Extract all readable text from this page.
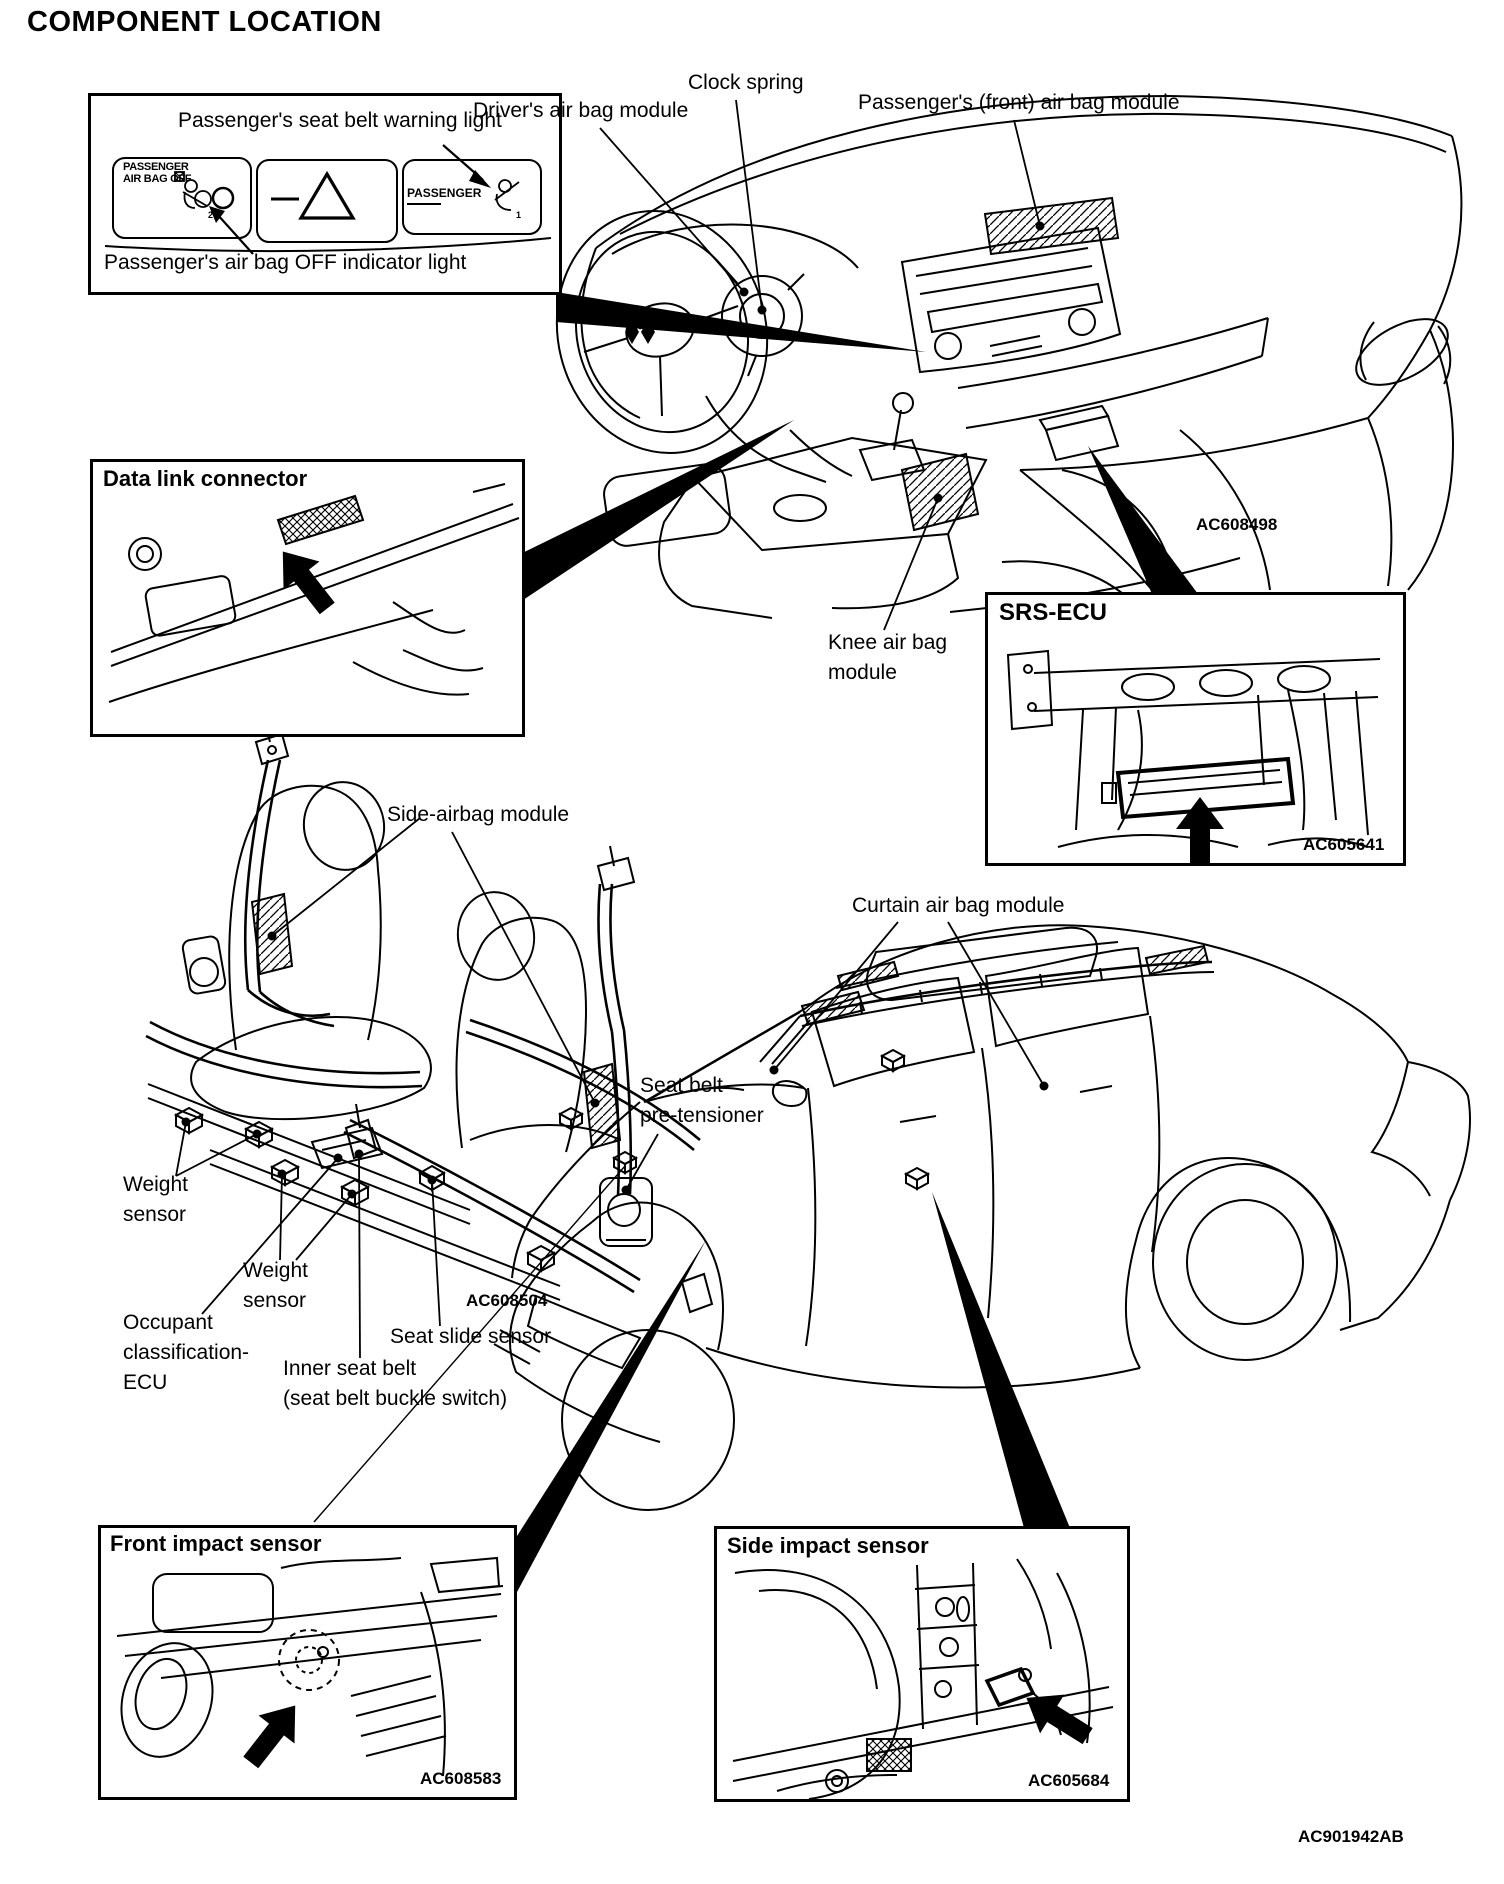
COMPONENT LOCATION
Passenger's seat belt warning light
Passenger's air bag OFF indicator light
PASSENGER
AIR BAG OFF
2
PASSENGER
1
Clock spring
Driver's air bag module	Passenger's (front) air bag module
AC608498
Knee air bag
module
Data link connector
SRS-ECU
AC605641
Side-airbag module
Curtain air bag module
Seat belt
pre-tensioner
Weight
sensor
Weight
sensor
Occupant
classification-
ECU
AC608504
Seat slide sensor
Inner seat belt
(seat belt buckle switch)
Front impact sensor
AC608583
Side impact sensor
AC605684
AC901942AB
